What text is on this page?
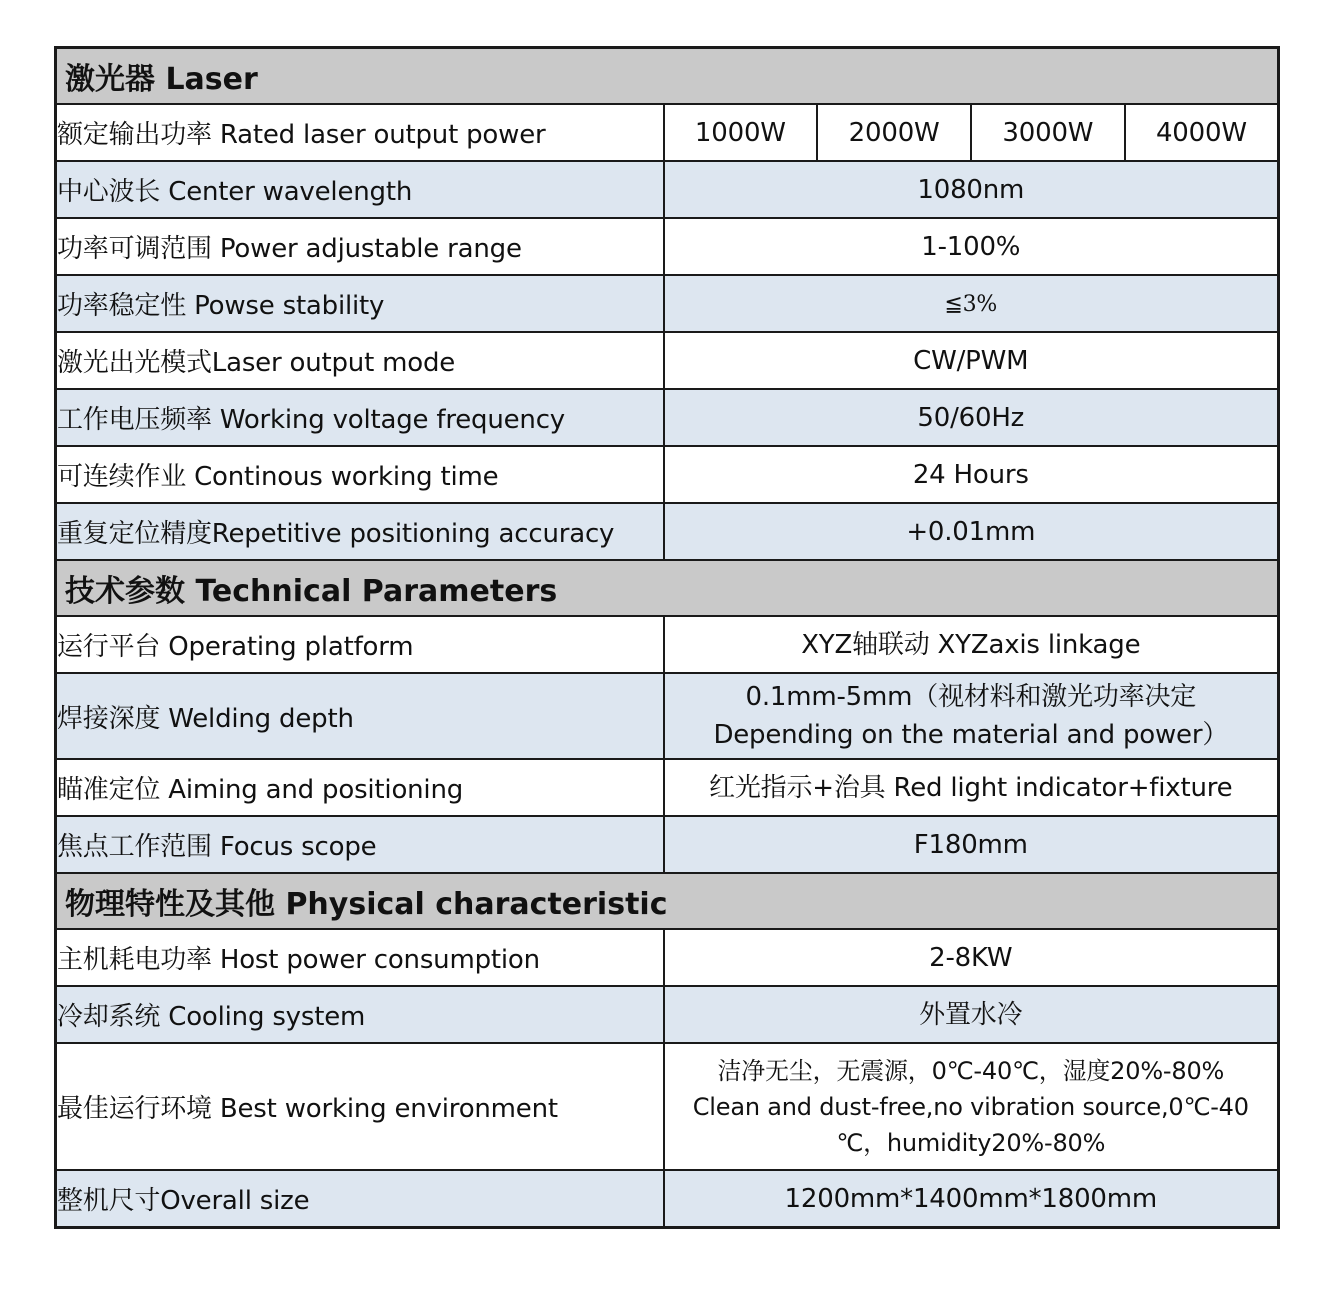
激光器 Laser				
额定输出功率 Rated laser output power	1000W	2000W	3000W	4000W
中心波长 Center wavelength	1080nm			
功率可调范围 Power adjustable range	1-100%			
功率稳定性 Powse stability	≦3%			
激光出光模式Laser output mode	CW/PWM			
工作电压频率 Working voltage frequency	50/60Hz			
可连续作业 Continous working time	24 Hours			
重复定位精度Repetitive positioning accuracy	+0.01mm			
技术参数 Technical Parameters				
运行平台 Operating platform	XYZ轴联动 XYZaxis linkage			
焊接深度 Welding depth	0.1mm-5mm（视材料和激光功率决定
Depending on the material and power）			

瞄准定位 Aiming and positioning	红光指示+治具 Red light indicator+fixture			
焦点工作范围 Focus scope	F180mm			
物理特性及其他 Physical characteristic				
主机耗电功率 Host power consumption	2-8KW			
冷却系统 Cooling system	外置水冷			
最佳运行环境 Best working environment	洁净无尘，无震源，0℃-40℃，湿度20%-80%
Clean and dust-free,no vibration source,0℃-40
℃，humidity20%-80%			

整机尺寸Overall size	1200mm*1400mm*1800mm			
